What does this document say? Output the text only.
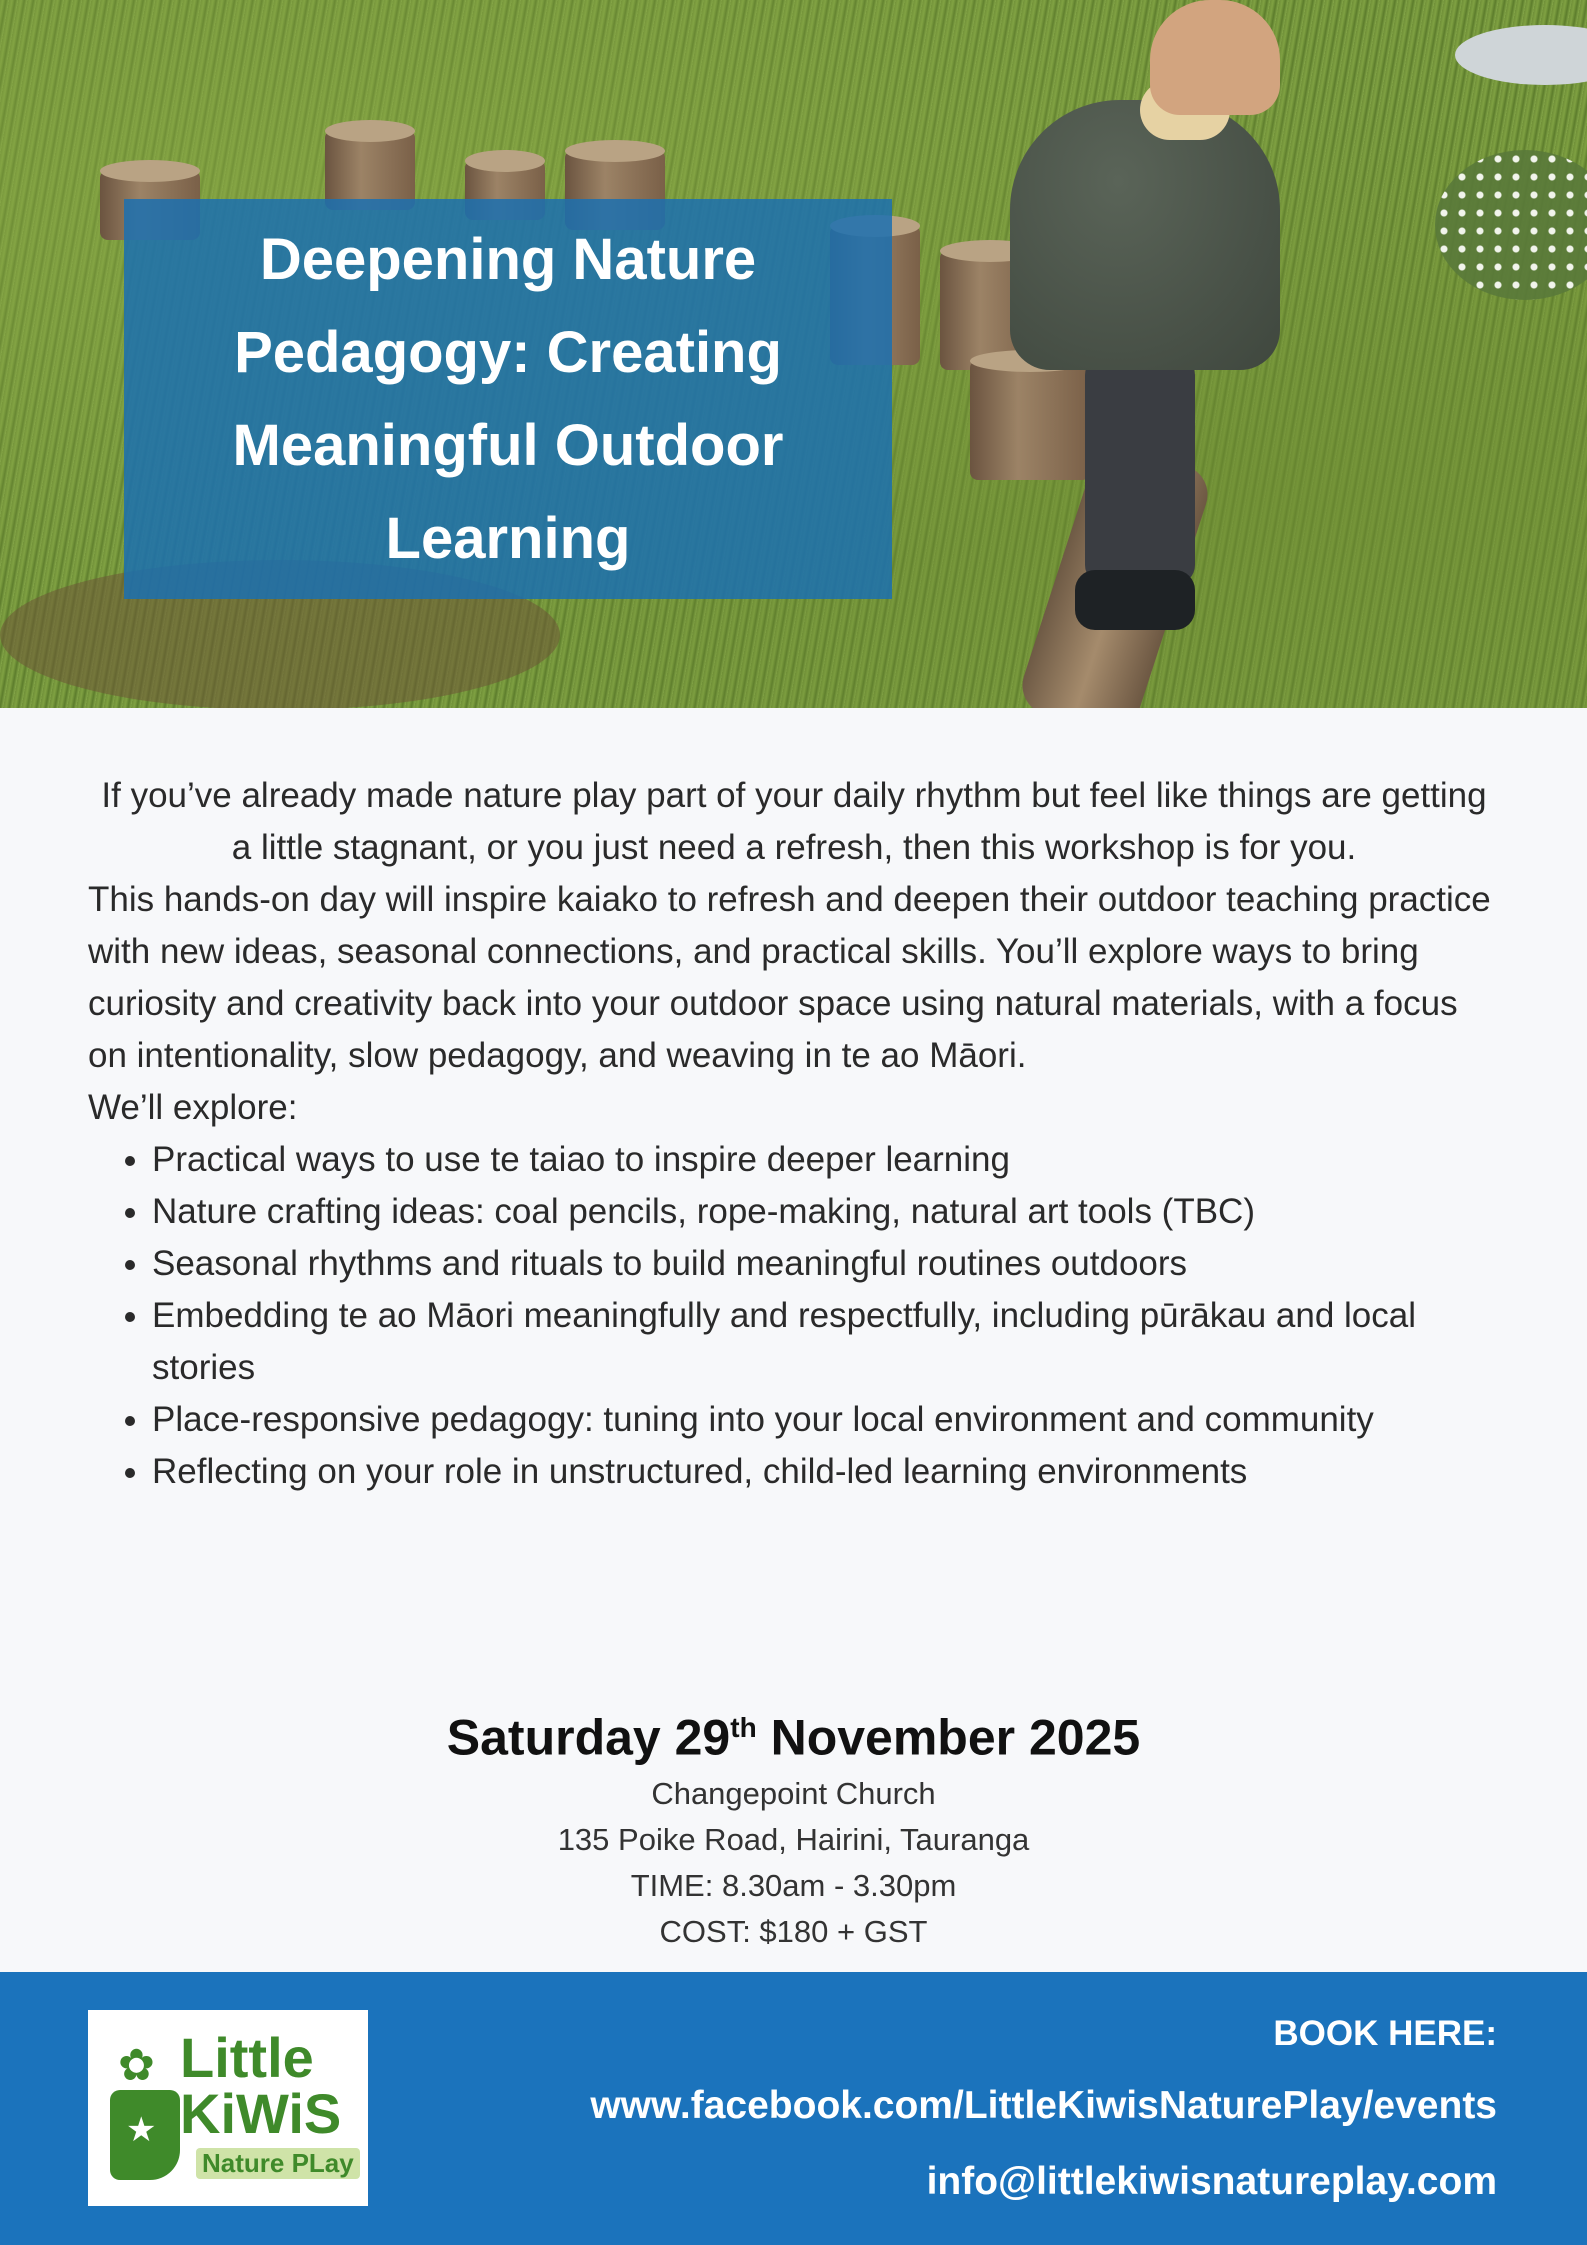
Deepening Nature Pedagogy: Creating Meaningful Outdoor Learning

If you’ve already made nature play part of your daily rhythm but feel like things are getting a little stagnant, or you just need a refresh, then this workshop is for you.

This hands-on day will inspire kaiako to refresh and deepen their outdoor teaching practice with new ideas, seasonal connections, and practical skills. You’ll explore ways to bring curiosity and creativity back into your outdoor space using natural materials, with a focus on intentionality, slow pedagogy, and weaving in te ao Māori.

We’ll explore:

• Practical ways to use te taiao to inspire deeper learning
• Nature crafting ideas: coal pencils, rope-making, natural art tools (TBC)
• Seasonal rhythms and rituals to build meaningful routines outdoors
• Embedding te ao Māori meaningfully and respectfully, including pūrākau and local stories
• Place-responsive pedagogy: tuning into your local environment and community
• Reflecting on your role in unstructured, child-led learning environments
Saturday 29th November 2025
Changepoint Church
135 Poike Road, Hairini, Tauranga
TIME: 8.30am - 3.30pm
COST: $180 + GST
✿
★
Little
KiWiS
Nature PLay
BOOK HERE:
www.facebook.com/LittleKiwisNaturePlay/events
info@littlekiwisnatureplay.com
